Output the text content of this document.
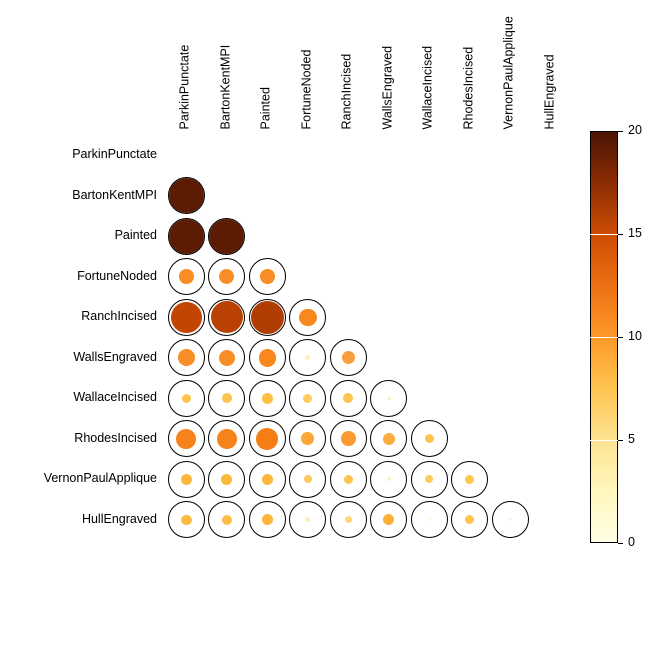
ParkinPunctate BartonKentMPI Painted FortuneNoded RanchIncised WallsEngraved WallaceIncised RhodesIncised VernonPaulApplique HullEngraved
ParkinPunctate
BartonKentMPI
Painted
FortuneNoded
RanchIncised
WallsEngraved
WallaceIncised
RhodesIncised
VernonPaulApplique
HullEngraved
0
5
10
15
20
